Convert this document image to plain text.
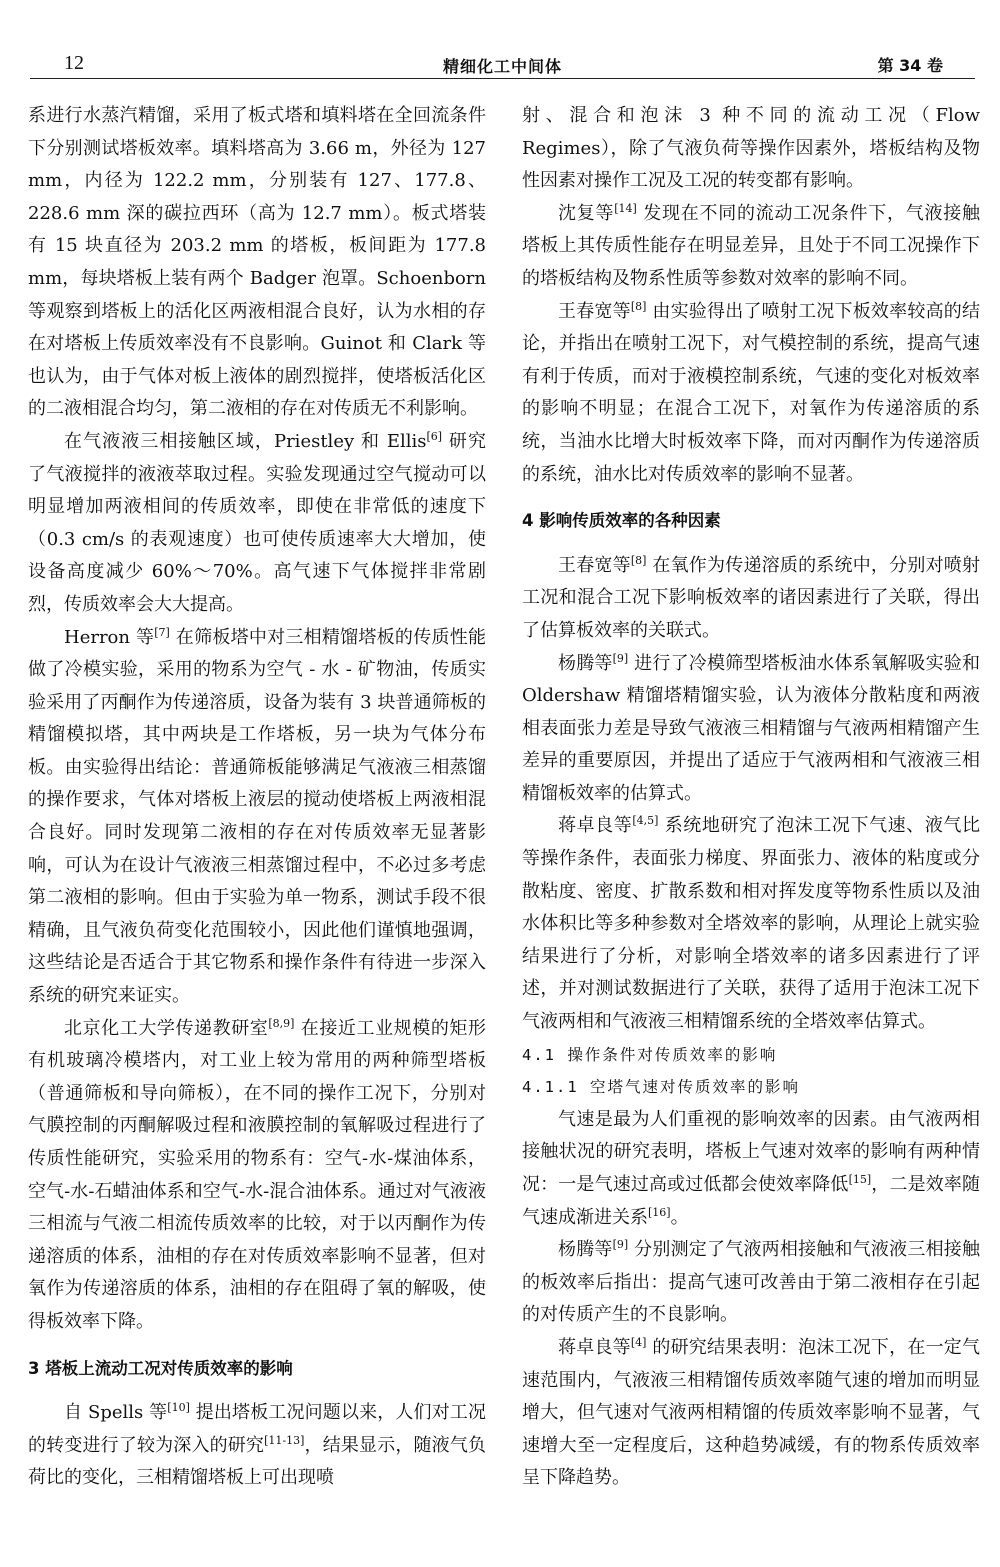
12	精细化工中间体	第 34 卷

系进行水蒸汽精馏，采用了板式塔和填料塔在全回流条件下分别测试塔板效率。填料塔高为 3.66 m，外径为 127 mm，内径为 122.2 mm，分别装有 127、177.8、228.6 mm 深的碳拉西环（高为 12.7 mm）。板式塔装有 15 块直径为 203.2 mm 的塔板，板间距为 177.8 mm，每块塔板上装有两个 Badger 泡罩。Schoenborn 等观察到塔板上的活化区两液相混合良好，认为水相的存在对塔板上传质效率没有不良影响。Guinot 和 Clark 等也认为，由于气体对板上液体的剧烈搅拌，使塔板活化区的二液相混合均匀，第二液相的存在对传质无不利影响。

在气液液三相接触区域，Priestley 和 Ellis[6] 研究了气液搅拌的液液萃取过程。实验发现通过空气搅动可以明显增加两液相间的传质效率，即使在非常低的速度下（0.3 cm/s 的表观速度）也可使传质速率大大增加，使设备高度减少 60%～70%。高气速下气体搅拌非常剧烈，传质效率会大大提高。

Herron 等[7] 在筛板塔中对三相精馏塔板的传质性能做了冷模实验，采用的物系为空气 - 水 - 矿物油，传质实验采用了丙酮作为传递溶质，设备为装有 3 块普通筛板的精馏模拟塔，其中两块是工作塔板，另一块为气体分布板。由实验得出结论：普通筛板能够满足气液液三相蒸馏的操作要求，气体对塔板上液层的搅动使塔板上两液相混合良好。同时发现第二液相的存在对传质效率无显著影响，可认为在设计气液液三相蒸馏过程中，不必过多考虑第二液相的影响。但由于实验为单一物系，测试手段不很精确，且气液负荷变化范围较小，因此他们谨慎地强调，这些结论是否适合于其它物系和操作条件有待进一步深入系统的研究来证实。

北京化工大学传递教研室[8,9] 在接近工业规模的矩形有机玻璃冷模塔内，对工业上较为常用的两种筛型塔板（普通筛板和导向筛板），在不同的操作工况下，分别对气膜控制的丙酮解吸过程和液膜控制的氧解吸过程进行了传质性能研究，实验采用的物系有：空气-水-煤油体系，空气-水-石蜡油体系和空气-水-混合油体系。通过对气液液三相流与气液二相流传质效率的比较，对于以丙酮作为传递溶质的体系，油相的存在对传质效率影响不显著，但对氧作为传递溶质的体系，油相的存在阻碍了氧的解吸，使得板效率下降。

3 塔板上流动工况对传质效率的影响

自 Spells 等[10] 提出塔板工况问题以来，人们对工况的转变进行了较为深入的研究[11-13]，结果显示，随液气负荷比的变化，三相精馏塔板上可出现喷

射、混合和泡沫 3 种不同的流动工况（Flow Regimes），除了气液负荷等操作因素外，塔板结构及物性因素对操作工况及工况的转变都有影响。

沈复等[14] 发现在不同的流动工况条件下，气液接触塔板上其传质性能存在明显差异，且处于不同工况操作下的塔板结构及物系性质等参数对效率的影响不同。

王春宽等[8] 由实验得出了喷射工况下板效率较高的结论，并指出在喷射工况下，对气模控制的系统，提高气速有利于传质，而对于液模控制系统，气速的变化对板效率的影响不明显；在混合工况下，对氧作为传递溶质的系统，当油水比增大时板效率下降，而对丙酮作为传递溶质的系统，油水比对传质效率的影响不显著。

4 影响传质效率的各种因素

王春宽等[8] 在氧作为传递溶质的系统中，分别对喷射工况和混合工况下影响板效率的诸因素进行了关联，得出了估算板效率的关联式。

杨腾等[9] 进行了冷模筛型塔板油水体系氧解吸实验和 Oldershaw 精馏塔精馏实验，认为液体分散粘度和两液相表面张力差是导致气液液三相精馏与气液两相精馏产生差异的重要原因，并提出了适应于气液两相和气液液三相精馏板效率的估算式。

蒋卓良等[4,5] 系统地研究了泡沫工况下气速、液气比等操作条件，表面张力梯度、界面张力、液体的粘度或分散粘度、密度、扩散系数和相对挥发度等物系性质以及油水体积比等多种参数对全塔效率的影响，从理论上就实验结果进行了分析，对影响全塔效率的诸多因素进行了评述，并对测试数据进行了关联，获得了适用于泡沫工况下气液两相和气液液三相精馏系统的全塔效率估算式。

4.1 操作条件对传质效率的影响
4.1.1 空塔气速对传质效率的影响

气速是最为人们重视的影响效率的因素。由气液两相接触状况的研究表明，塔板上气速对效率的影响有两种情况：一是气速过高或过低都会使效率降低[15]，二是效率随气速成渐进关系[16]。

杨腾等[9] 分别测定了气液两相接触和气液液三相接触的板效率后指出：提高气速可改善由于第二液相存在引起的对传质产生的不良影响。

蒋卓良等[4] 的研究结果表明：泡沫工况下，在一定气速范围内，气液液三相精馏传质效率随气速的增加而明显增大，但气速对气液两相精馏的传质效率影响不显著，气速增大至一定程度后，这种趋势减缓，有的物系传质效率呈下降趋势。
